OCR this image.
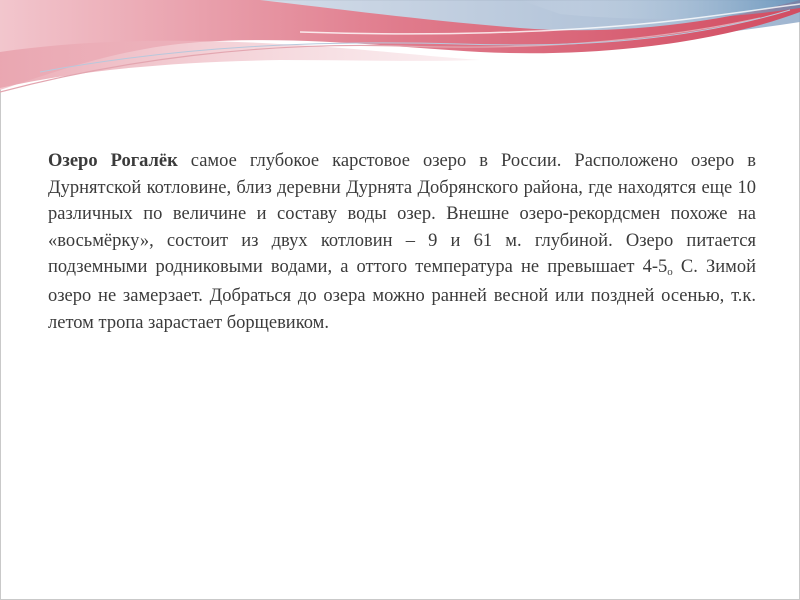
Озеро Рогалёк самое глубокое карстовое озеро в России. Расположено озеро в Дурнятской котловине, близ деревни Дурнята Добрянского района, где находятся еще 10 различных по величине и составу воды озер. Внешне озеро-рекордсмен похоже на «восьмёрку», состоит из двух котловин – 9 и 61 м. глубиной. Озеро питается подземными родниковыми водами, а оттого температура не превышает $4-5^о$ С. Зимой озеро не замерзает. Добраться до озера можно ранней весной или поздней осенью, т.к. летом тропа зарастает борщевиком.
